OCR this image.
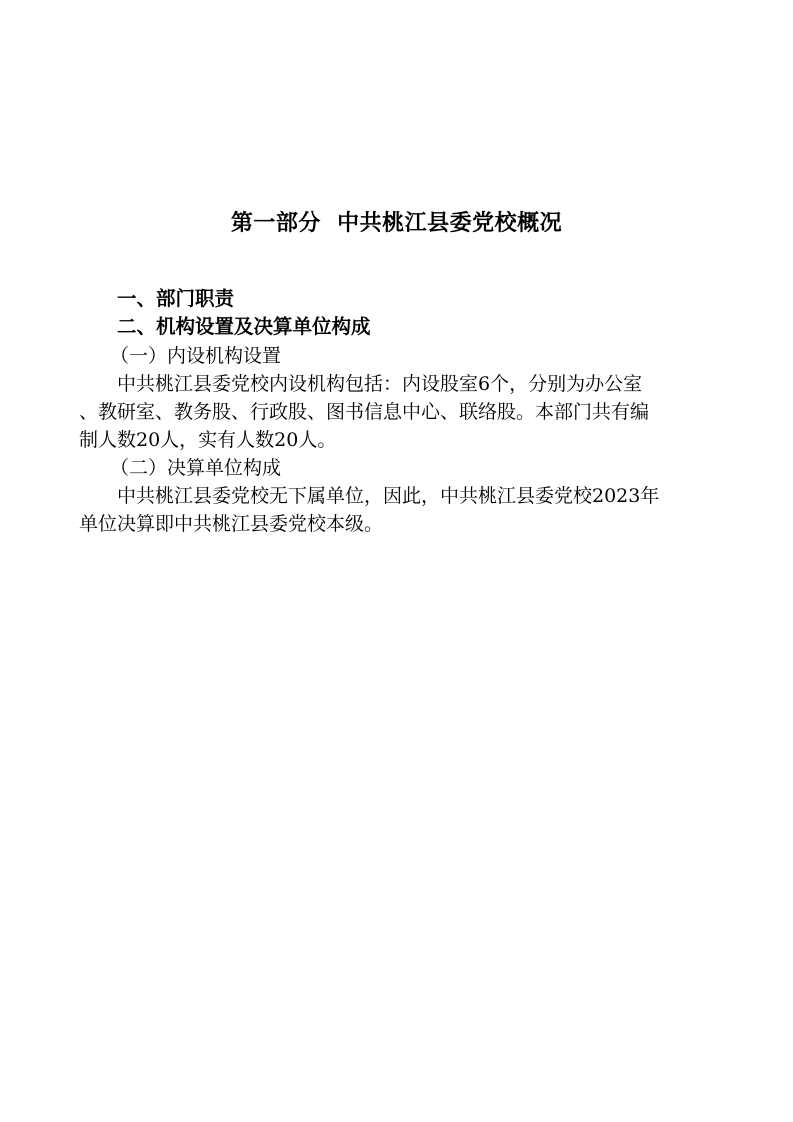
第一部分  中共桃江县委党校概况
一、部门职责
二、机构设置及决算单位构成
（一）内设机构设置
中共桃江县委党校内设机构包括：内设股室6个，分别为办公室
、教研室、教务股、行政股、图书信息中心、联络股。本部门共有编
制人数20人，实有人数20人。
（二）决算单位构成
中共桃江县委党校无下属单位，因此，中共桃江县委党校2023年
单位决算即中共桃江县委党校本级。
